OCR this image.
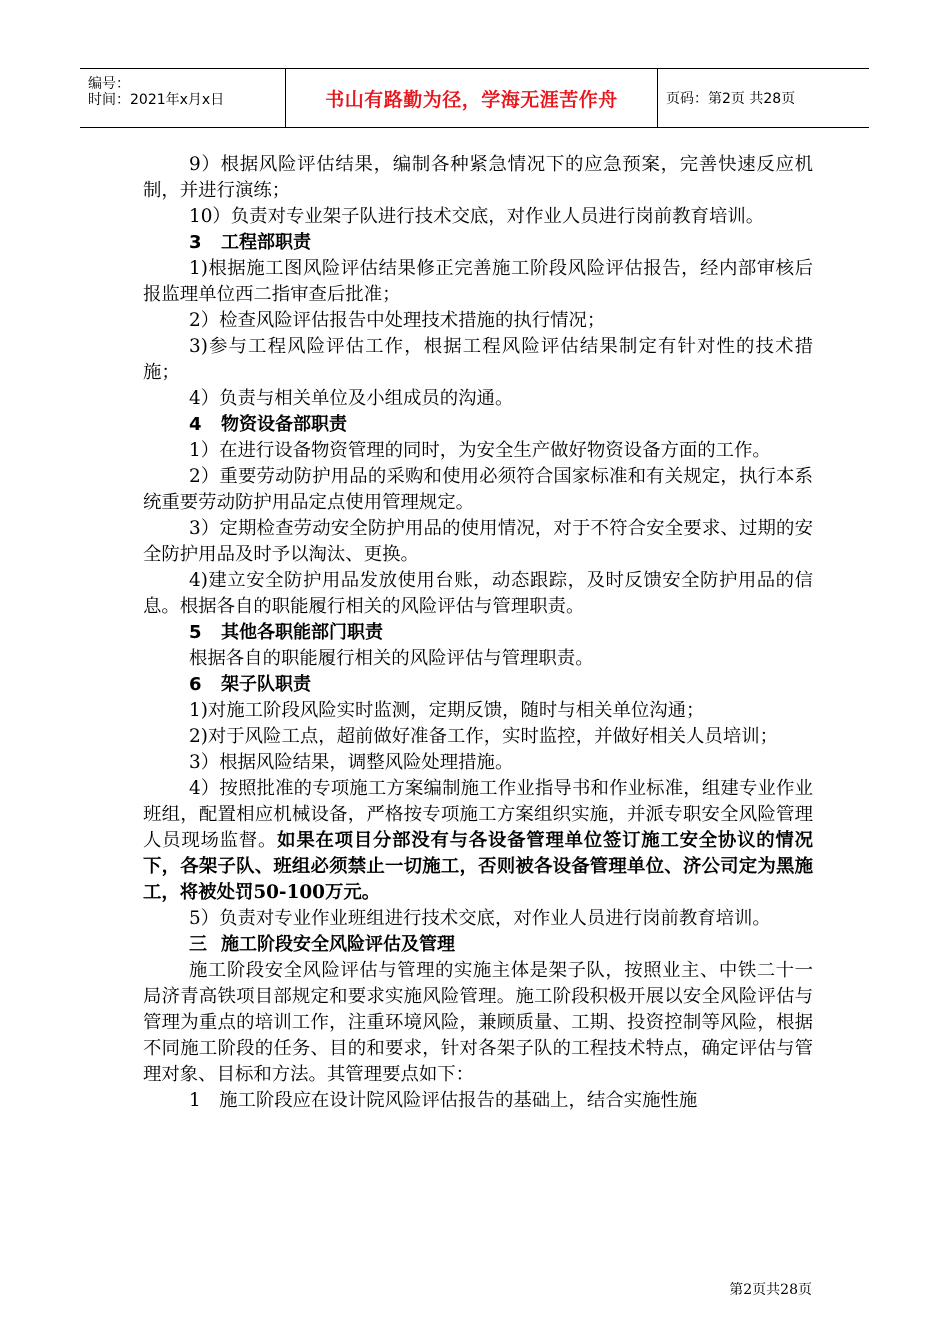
编号：
时间：2021年x月x日	书山有路勤为径，学海无涯苦作舟	页码：第2页 共28页

9）根据风险评估结果，编制各种紧急情况下的应急预案，完善快速反应机制，并进行演练；

10）负责对专业架子队进行技术交底，对作业人员进行岗前教育培训。

3 工程部职责

1)根据施工图风险评估结果修正完善施工阶段风险评估报告，经内部审核后报监理单位西二指审查后批准；

2）检查风险评估报告中处理技术措施的执行情况；

3)参与工程风险评估工作，根据工程风险评估结果制定有针对性的技术措施；

4）负责与相关单位及小组成员的沟通。

4 物资设备部职责

1）在进行设备物资管理的同时，为安全生产做好物资设备方面的工作。

2）重要劳动防护用品的采购和使用必须符合国家标准和有关规定，执行本系统重要劳动防护用品定点使用管理规定。

3）定期检查劳动安全防护用品的使用情况，对于不符合安全要求、过期的安全防护用品及时予以淘汰、更换。

4)建立安全防护用品发放使用台账，动态跟踪，及时反馈安全防护用品的信息。根据各自的职能履行相关的风险评估与管理职责。

5 其他各职能部门职责

根据各自的职能履行相关的风险评估与管理职责。

6 架子队职责

1)对施工阶段风险实时监测，定期反馈，随时与相关单位沟通；

2)对于风险工点，超前做好准备工作，实时监控，并做好相关人员培训；

3）根据风险结果，调整风险处理措施。

4）按照批准的专项施工方案编制施工作业指导书和作业标准，组建专业作业班组，配置相应机械设备，严格按专项施工方案组织实施，并派专职安全风险管理人员现场监督。如果在项目分部没有与各设备管理单位签订施工安全协议的情况下，各架子队、班组必须禁止一切施工，否则被各设备管理单位、济公司定为黑施工，将被处罚50-100万元。

5）负责对专业作业班组进行技术交底，对作业人员进行岗前教育培训。

三 施工阶段安全风险评估及管理

施工阶段安全风险评估与管理的实施主体是架子队，按照业主、中铁二十一局济青高铁项目部规定和要求实施风险管理。施工阶段积极开展以安全风险评估与管理为重点的培训工作，注重环境风险，兼顾质量、工期、投资控制等风险，根据不同施工阶段的任务、目的和要求，针对各架子队的工程技术特点，确定评估与管理对象、目标和方法。其管理要点如下：

1　施工阶段应在设计院风险评估报告的基础上，结合实施性施

第2页共28页
